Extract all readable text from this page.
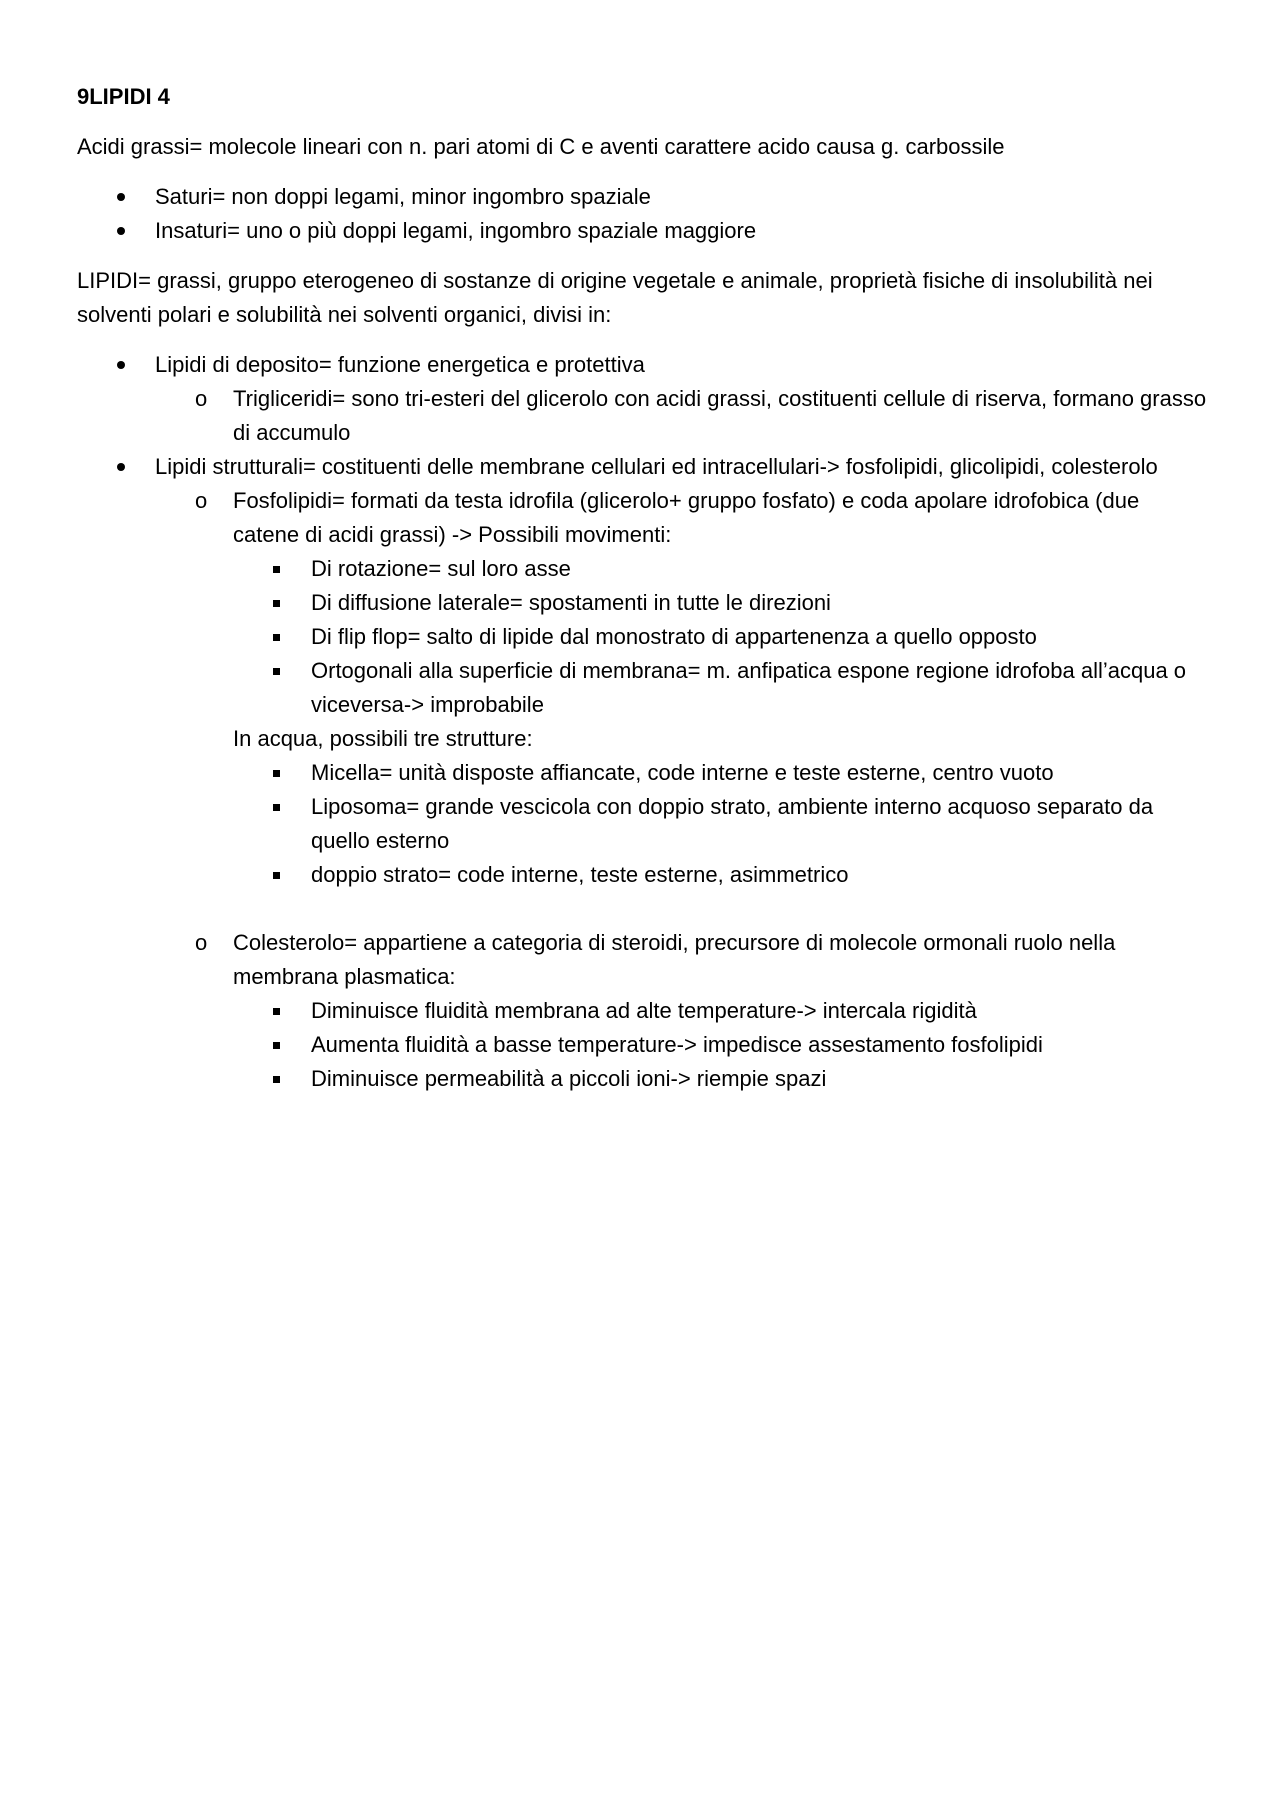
9LIPIDI 4
Acidi grassi= molecole lineari con n. pari atomi di C e aventi carattere acido causa g. carbossile
Saturi= non doppi legami, minor ingombro spaziale
Insaturi= uno o più doppi legami, ingombro spaziale maggiore
LIPIDI= grassi, gruppo eterogeneo di sostanze di origine vegetale e animale, proprietà fisiche di insolubilità nei solventi polari e solubilità nei solventi organici, divisi in:
Lipidi di deposito= funzione energetica e protettiva
o Trigliceridi= sono tri-esteri del glicerolo con acidi grassi, costituenti cellule di riserva, formano grasso di accumulo
Lipidi strutturali= costituenti delle membrane cellulari ed intracellulari-> fosfolipidi, glicolipidi, colesterolo
o Fosfolipidi= formati da testa idrofila (glicerolo+ gruppo fosfato) e coda apolare idrofobica (due catene di acidi grassi) -> Possibili movimenti:
Di rotazione= sul loro asse
Di diffusione laterale= spostamenti in tutte le direzioni
Di flip flop= salto di lipide dal monostrato di appartenenza a quello opposto
Ortogonali alla superficie di membrana= m. anfipatica espone regione idrofoba all’acqua o viceversa-> improbabile
In acqua, possibili tre strutture:
Micella= unità disposte affiancate, code interne e teste esterne, centro vuoto
Liposoma= grande vescicola con doppio strato, ambiente interno acquoso separato da quello esterno
doppio strato= code interne, teste esterne, asimmetrico
o Colesterolo= appartiene a categoria di steroidi, precursore di molecole ormonali ruolo nella membrana plasmatica:
Diminuisce fluidità membrana ad alte temperature-> intercala rigidità
Aumenta fluidità a basse temperature-> impedisce assestamento fosfolipidi
Diminuisce permeabilità a piccoli ioni-> riempie spazi
